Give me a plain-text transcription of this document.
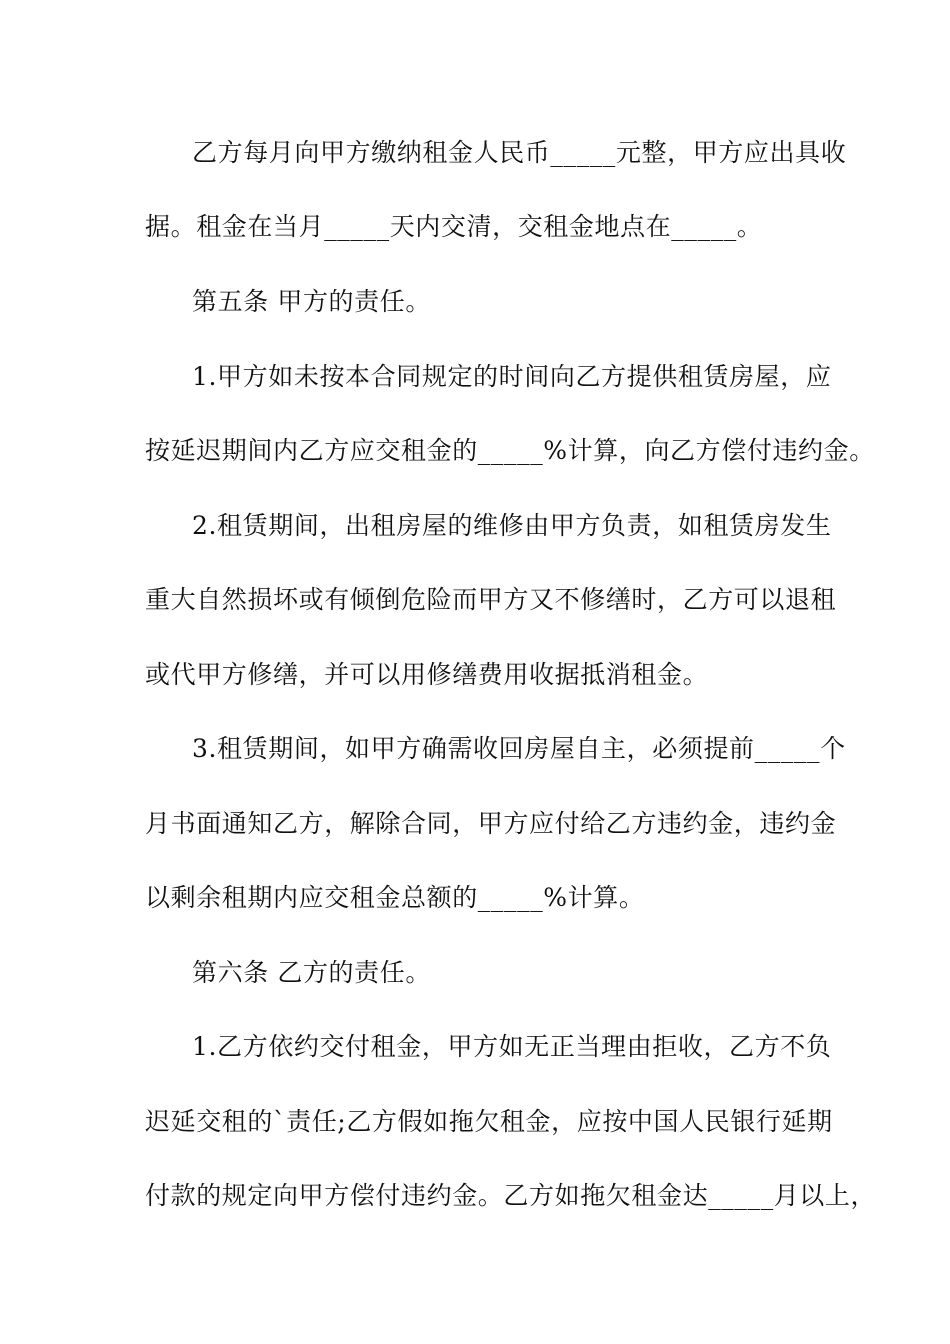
乙方每月向甲方缴纳租金人民币_____元整，甲方应出具收
据。租金在当月_____天内交清，交租金地点在_____。
第五条 甲方的责任。
1.甲方如未按本合同规定的时间向乙方提供租赁房屋，应
按延迟期间内乙方应交租金的_____%计算，向乙方偿付违约金。
2.租赁期间，出租房屋的维修由甲方负责，如租赁房发生
重大自然损坏或有倾倒危险而甲方又不修缮时，乙方可以退租
或代甲方修缮，并可以用修缮费用收据抵消租金。
3.租赁期间，如甲方确需收回房屋自主，必须提前_____个
月书面通知乙方，解除合同，甲方应付给乙方违约金，违约金
以剩余租期内应交租金总额的_____%计算。
第六条 乙方的责任。
1.乙方依约交付租金，甲方如无正当理由拒收，乙方不负
迟延交租的`责任;乙方假如拖欠租金，应按中国人民银行延期
付款的规定向甲方偿付违约金。乙方如拖欠租金达_____月以上，
